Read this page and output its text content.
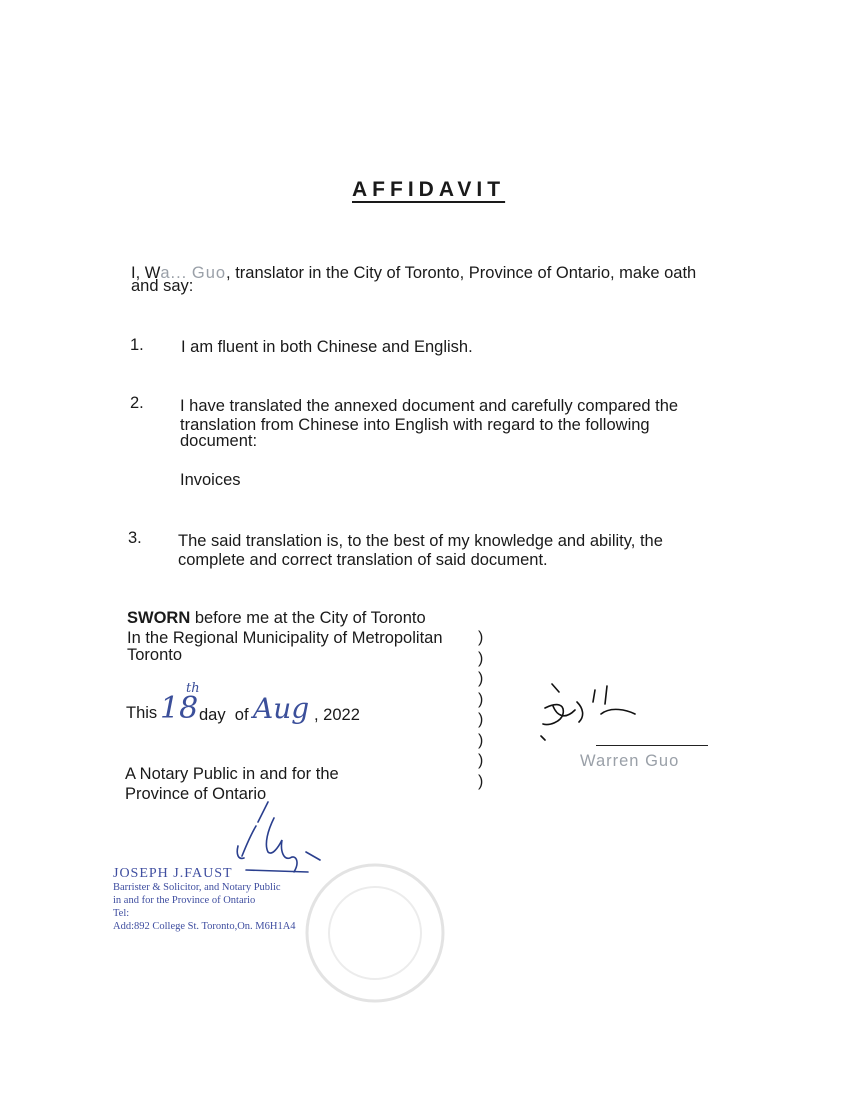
AFFIDAVIT
I, Wa... Guo, translator in the City of Toronto, Province of Ontario, make oath
and say:
1.	I am fluent in both Chinese and English.
2.	I have translated the annexed document and carefully compared the
translation from Chinese into English with regard to the following
document:
Invoices
3.	The said translation is, to the best of my knowledge and ability, the
complete and correct translation of said document.
SWORN before me at the City of Toronto
In the Regional Municipality of Metropolitan
Toronto
)
)
)
)
)
)
)
)
This 18
th
day  of Aug , 2022
A Notary Public in and for the
Province of Ontario
Warren Guo
JOSEPH J.FAUST
Barrister & Solicitor, and Notary Public
in and for the Province of Ontario
Tel:
Add:892 College St. Toronto,On. M6H1A4
